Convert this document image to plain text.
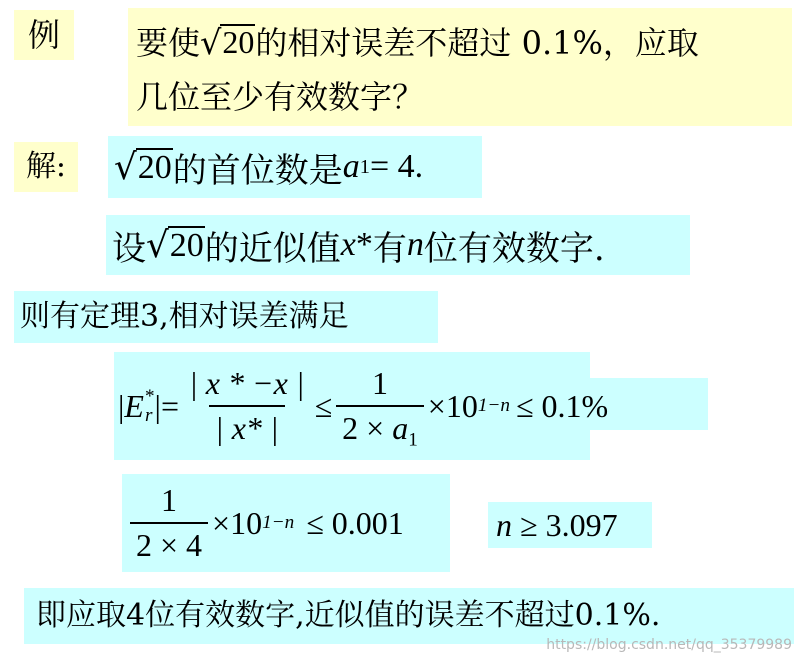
例	要使 √ 20 的相对误差不超过 0.1%，应取
几位至少有效数字？
解:	√ 20 的首位数是 a 1 = 4.
设 √ 20 的近似值 x * 有 n 位有效数字.
则有定理3,相对误差满足
| E *
r |= $\frac{| x * -x |}{| x* |} \le \frac{1}{2 \times a_1} \times 10$ 1−n ≤ 0.1%
$\frac{1}{2 \times 4} \times 10$ 1−n ≤ 0.001	n ≥ 3.097
即应取4位有效数字,近似值的误差不超过0.1%.
https://blog.csdn.net/qq_35379989
